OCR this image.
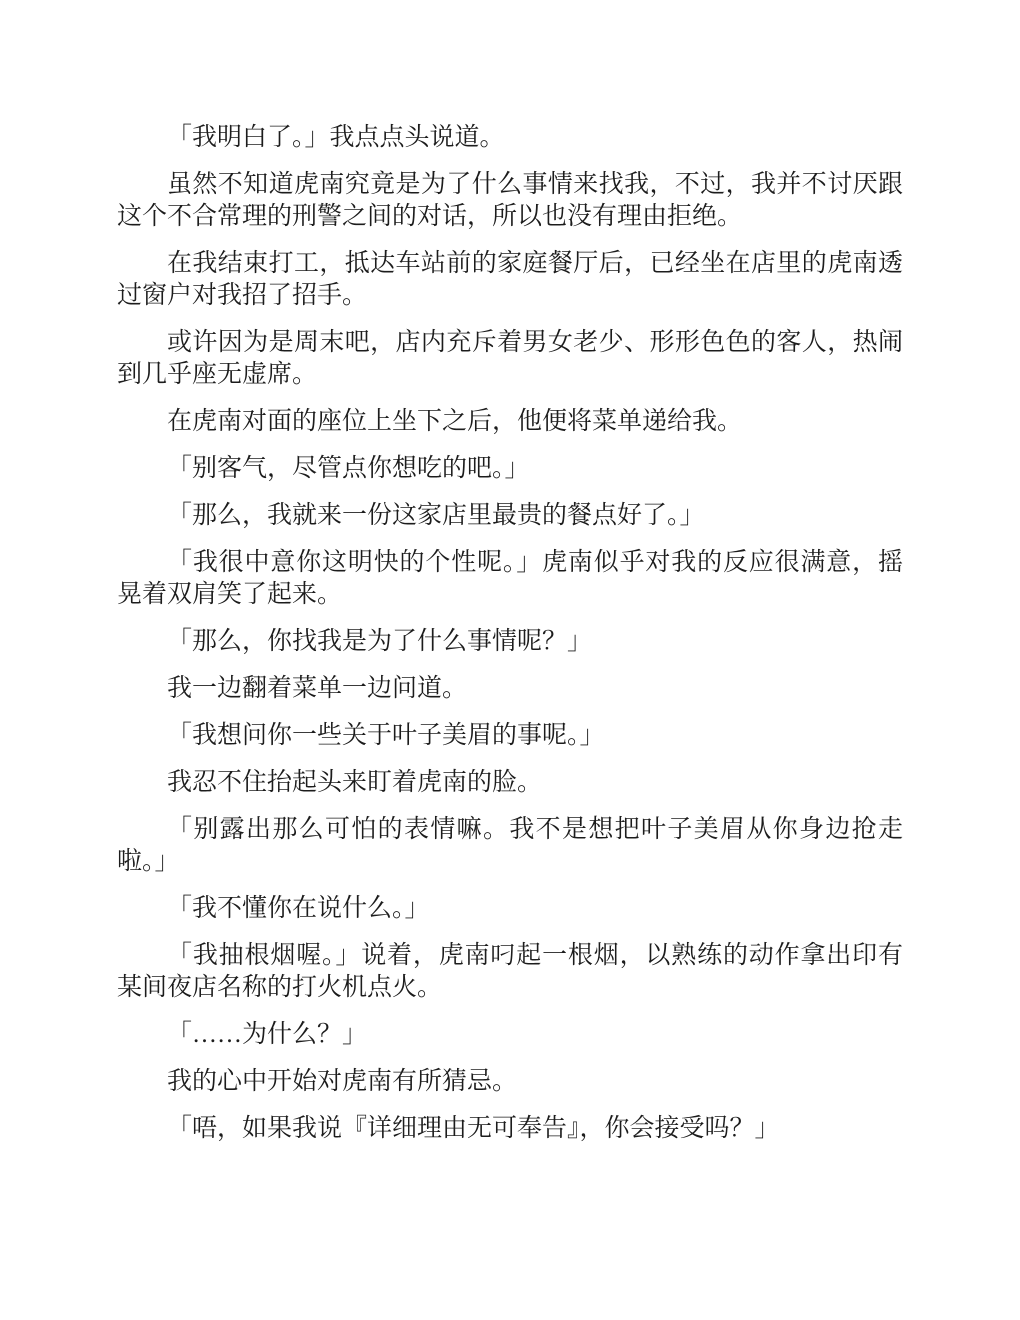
「我明白了。」我点点头说道。

虽然不知道虎南究竟是为了什么事情来找我，不过，我并不讨厌跟这个不合常理的刑警之间的对话，所以也没有理由拒绝。

在我结束打工，抵达车站前的家庭餐厅后，已经坐在店里的虎南透过窗户对我招了招手。

或许因为是周末吧，店内充斥着男女老少、形形色色的客人，热闹到几乎座无虚席。

在虎南对面的座位上坐下之后，他便将菜单递给我。

「别客气，尽管点你想吃的吧。」

「那么，我就来一份这家店里最贵的餐点好了。」

「我很中意你这明快的个性呢。」虎南似乎对我的反应很满意，摇晃着双肩笑了起来。

「那么，你找我是为了什么事情呢？」

我一边翻着菜单一边问道。

「我想问你一些关于叶子美眉的事呢。」

我忍不住抬起头来盯着虎南的脸。

「别露出那么可怕的表情嘛。我不是想把叶子美眉从你身边抢走啦。」

「我不懂你在说什么。」

「我抽根烟喔。」说着，虎南叼起一根烟，以熟练的动作拿出印有某间夜店名称的打火机点火。

「……为什么？」

我的心中开始对虎南有所猜忌。

「唔，如果我说『详细理由无可奉告』，你会接受吗？」
